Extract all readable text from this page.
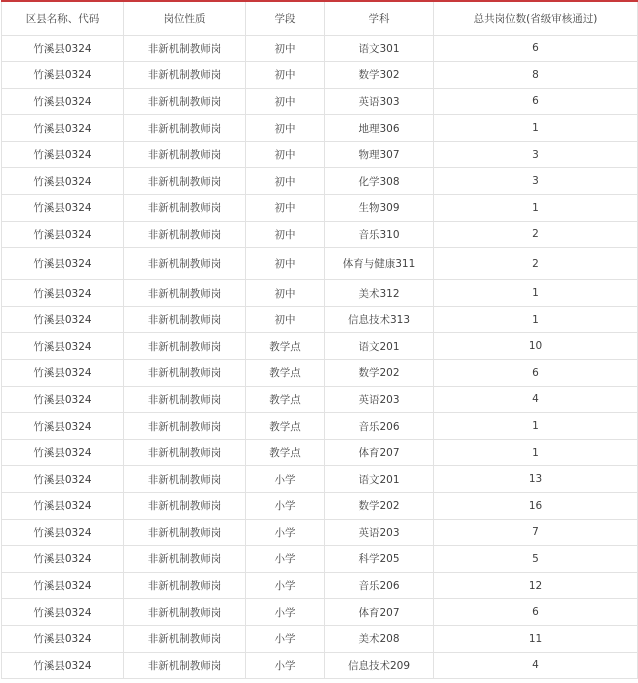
区县名称、代码	岗位性质	学段	学科	总共岗位数(省级审核通过)
竹溪县0324	非新机制教师岗	初中	语文301	6
竹溪县0324	非新机制教师岗	初中	数学302	8
竹溪县0324	非新机制教师岗	初中	英语303	6
竹溪县0324	非新机制教师岗	初中	地理306	1
竹溪县0324	非新机制教师岗	初中	物理307	3
竹溪县0324	非新机制教师岗	初中	化学308	3
竹溪县0324	非新机制教师岗	初中	生物309	1
竹溪县0324	非新机制教师岗	初中	音乐310	2
竹溪县0324	非新机制教师岗	初中	体育与健康311	2
竹溪县0324	非新机制教师岗	初中	美术312	1
竹溪县0324	非新机制教师岗	初中	信息技术313	1
竹溪县0324	非新机制教师岗	教学点	语文201	10
竹溪县0324	非新机制教师岗	教学点	数学202	6
竹溪县0324	非新机制教师岗	教学点	英语203	4
竹溪县0324	非新机制教师岗	教学点	音乐206	1
竹溪县0324	非新机制教师岗	教学点	体育207	1
竹溪县0324	非新机制教师岗	小学	语文201	13
竹溪县0324	非新机制教师岗	小学	数学202	16
竹溪县0324	非新机制教师岗	小学	英语203	7
竹溪县0324	非新机制教师岗	小学	科学205	5
竹溪县0324	非新机制教师岗	小学	音乐206	12
竹溪县0324	非新机制教师岗	小学	体育207	6
竹溪县0324	非新机制教师岗	小学	美术208	11
竹溪县0324	非新机制教师岗	小学	信息技术209	4
